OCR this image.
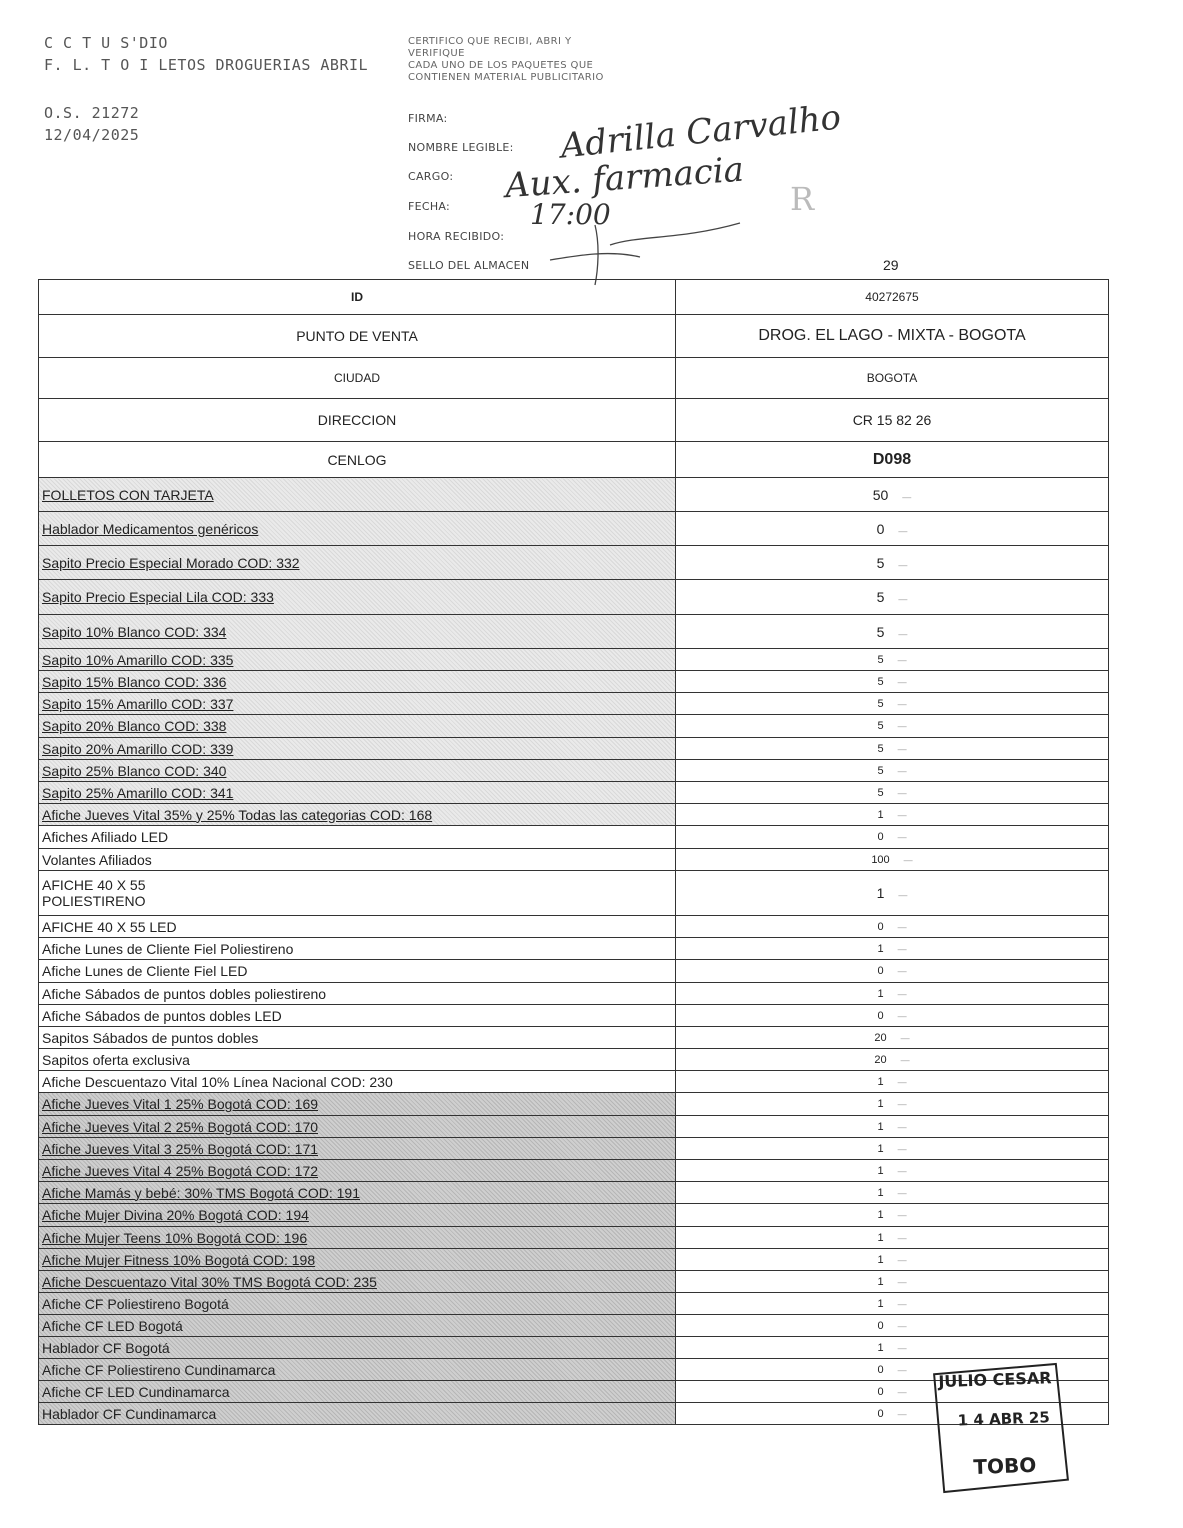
C C T U S'DIO
F. L. T O I LETOS DROGUERIAS ABRIL
O.S. 21272
12/04/2025
CERTIFICO QUE RECIBI, ABRI Y
VERIFIQUE
CADA UNO DE LOS PAQUETES QUE
CONTIENEN MATERIAL PUBLICITARIO
FIRMA:
NOMBRE LEGIBLE:
CARGO:
FECHA:
HORA RECIBIDO:
SELLO DEL ALMACEN
Adrilla Carvalho
Aux. farmacia
17:00	R
29
ID	40272675
PUNTO DE VENTA	DROG. EL LAGO - MIXTA - BOGOTA
CIUDAD	BOGOTA
DIRECCION	CR 15 82 26
CENLOG	D098
FOLLETOS CON TARJETA	50 —
Hablador Medicamentos genéricos	0 —
Sapito Precio Especial Morado COD: 332	5 —
Sapito Precio Especial Lila COD: 333	5 —
Sapito 10% Blanco COD: 334	5 —
Sapito 10% Amarillo COD: 335	5 —
Sapito 15% Blanco COD: 336	5 —
Sapito 15% Amarillo COD: 337	5 —
Sapito 20% Blanco COD: 338	5 —
Sapito 20% Amarillo COD: 339	5 —
Sapito 25% Blanco COD: 340	5 —
Sapito 25% Amarillo COD: 341	5 —
Afiche Jueves Vital 35% y 25% Todas las categorias COD: 168	1 —
Afiches Afiliado LED	0 —
Volantes Afiliados	100 —
AFICHE 40 X 55
POLIESTIRENO	1 —
AFICHE 40 X 55 LED	0 —
Afiche Lunes de Cliente Fiel Poliestireno	1 —
Afiche Lunes de Cliente Fiel LED	0 —
Afiche Sábados de puntos dobles poliestireno	1 —
Afiche Sábados de puntos dobles LED	0 —
Sapitos Sábados de puntos dobles	20 —
Sapitos oferta exclusiva	20 —
Afiche Descuentazo Vital 10% Línea Nacional COD: 230	1 —
Afiche Jueves Vital 1 25% Bogotá COD: 169	1 —
Afiche Jueves Vital 2 25% Bogotá COD: 170	1 —
Afiche Jueves Vital 3 25% Bogotá COD: 171	1 —
Afiche Jueves Vital 4 25% Bogotá COD: 172	1 —
Afiche Mamás y bebé: 30% TMS Bogotá COD: 191	1 —
Afiche Mujer Divina 20% Bogotá COD: 194	1 —
Afiche Mujer Teens 10% Bogotá COD: 196	1 —
Afiche Mujer Fitness 10% Bogotá COD: 198	1 —
Afiche Descuentazo Vital 30% TMS Bogotá COD: 235	1 —
Afiche CF Poliestireno Bogotá	1 —
Afiche CF LED Bogotá	0 —
Hablador CF Bogotá	1 —
Afiche CF Poliestireno Cundinamarca	0 —
Afiche CF LED Cundinamarca	0 —
Hablador CF Cundinamarca	0 —
JULIO CESAR
1 4 ABR 25
TOBO
